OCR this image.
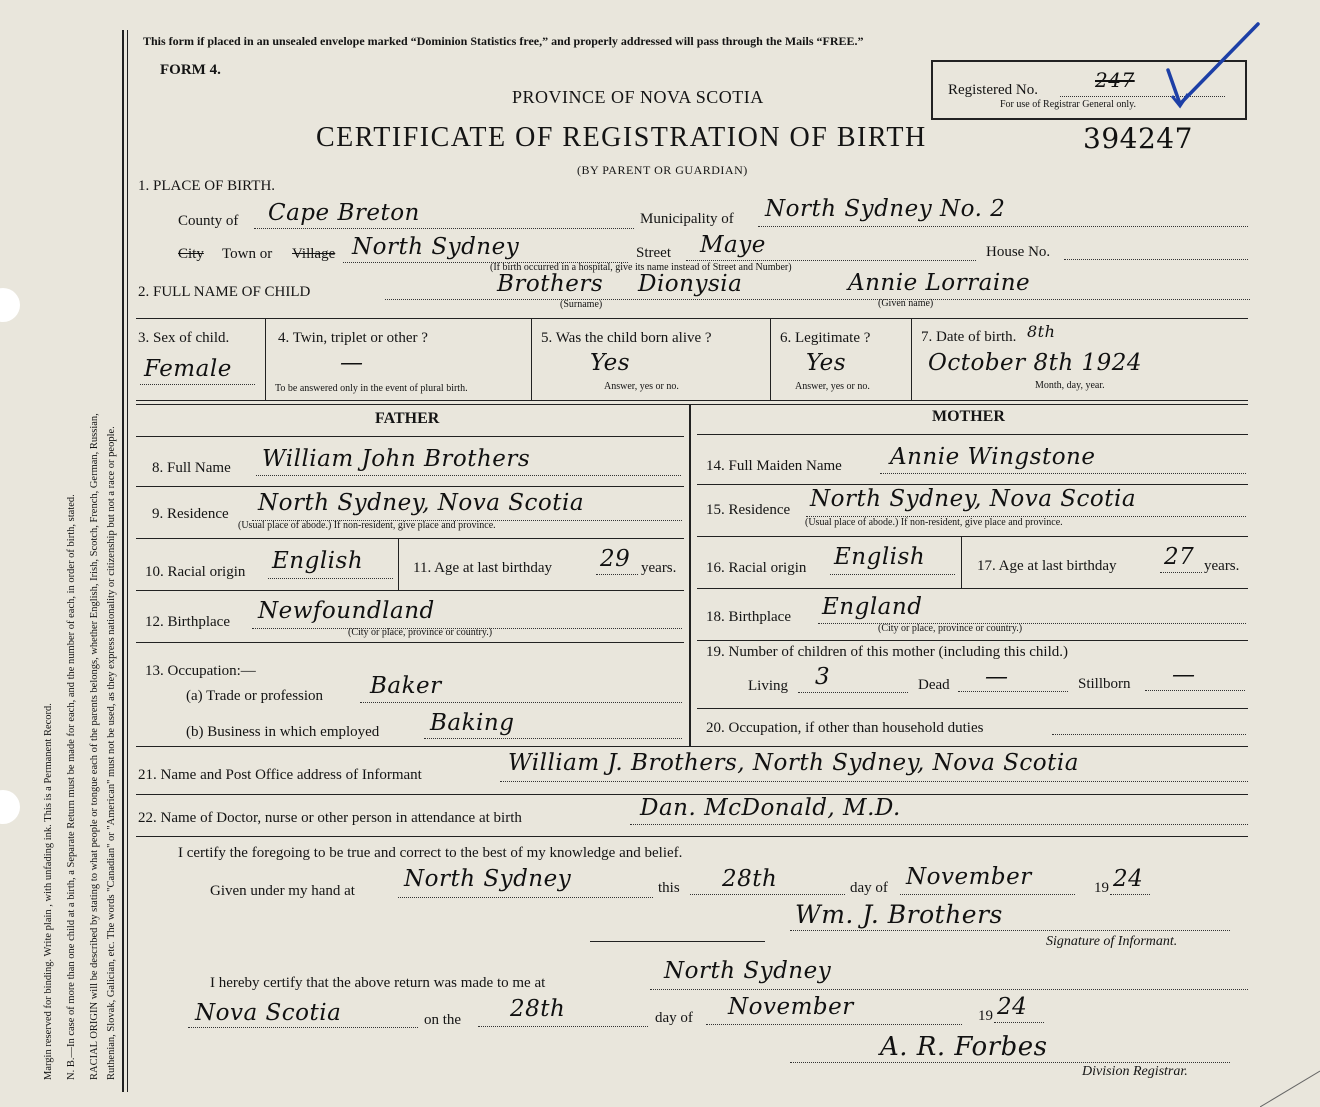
Margin reserved for binding. Write plain , with unfading ink. This is a Permanent Record. N. B.—In case of more than one child at a birth, a Separate Return must be made for each, and the number of each, in order of birth, stated. RACIAL ORIGIN will be described by stating to what people or tongue each of the parents belongs, whether English, Irish, Scotch, French, German, Russian, Ruthenian, Slovak, Galician, etc. The words "Canadian" or "American" must not be used, as they express nationality or citizenship but not a race or people.
This form if placed in an unsealed envelope marked “Dominion Statistics free,” and properly addressed will pass through the Mails “FREE.”
FORM 4.
PROVINCE OF NOVA SCOTIA
CERTIFICATE OF REGISTRATION OF BIRTH
(BY PARENT OR GUARDIAN)
Registered No.	247
For use of Registrar General only.
394247
1. PLACE OF BIRTH.
County of Cape Breton	Municipality of North Sydney No. 2
City Town or Village North Sydney	Street Maye	House No.
(If birth occurred in a hospital, give its name instead of Street and Number)
2. FULL NAME OF CHILD	Brothers Dionysia	Annie Lorraine
(Surname)	(Given name)
3. Sex of child.
Female
4. Twin, triplet or other ?
—
To be answered only in the event of plural birth.
5. Was the child born alive ?
Yes
Answer, yes or no.
6. Legitimate ?
Yes
Answer, yes or no.
7. Date of birth. 8th
October 8th 1924
Month, day, year.
FATHER	MOTHER
8. Full Name William John Brothers
9. Residence North Sydney, Nova Scotia
(Usual place of abode.) If non-resident, give place and province.
10. Racial origin English	11. Age at last birthday 29 years.
12. Birthplace Newfoundland
(City or place, province or country.)
13. Occupation:—
(a) Trade or profession Baker
(b) Business in which employed Baking
14. Full Maiden Name Annie Wingstone
15. Residence North Sydney, Nova Scotia
(Usual place of abode.) If non-resident, give place and province.
16. Racial origin English	17. Age at last birthday 27 years.
18. Birthplace England
(City or place, province or country.)
19. Number of children of this mother (including this child.)
Living 3	Dead —	Stillborn —
20. Occupation, if other than household duties
21. Name and Post Office address of Informant	William J. Brothers, North Sydney, Nova Scotia
22. Name of Doctor, nurse or other person in attendance at birth	Dan. McDonald, M.D.
I certify the foregoing to be true and correct to the best of my knowledge and belief.
Given under my hand at North Sydney	this 28th	day of November	19 24
Wm. J. Brothers
Signature of Informant.
I hereby certify that the above return was made to me at	North Sydney
Nova Scotia	on the 28th	day of November	19 24
A. R. Forbes
Division Registrar.
